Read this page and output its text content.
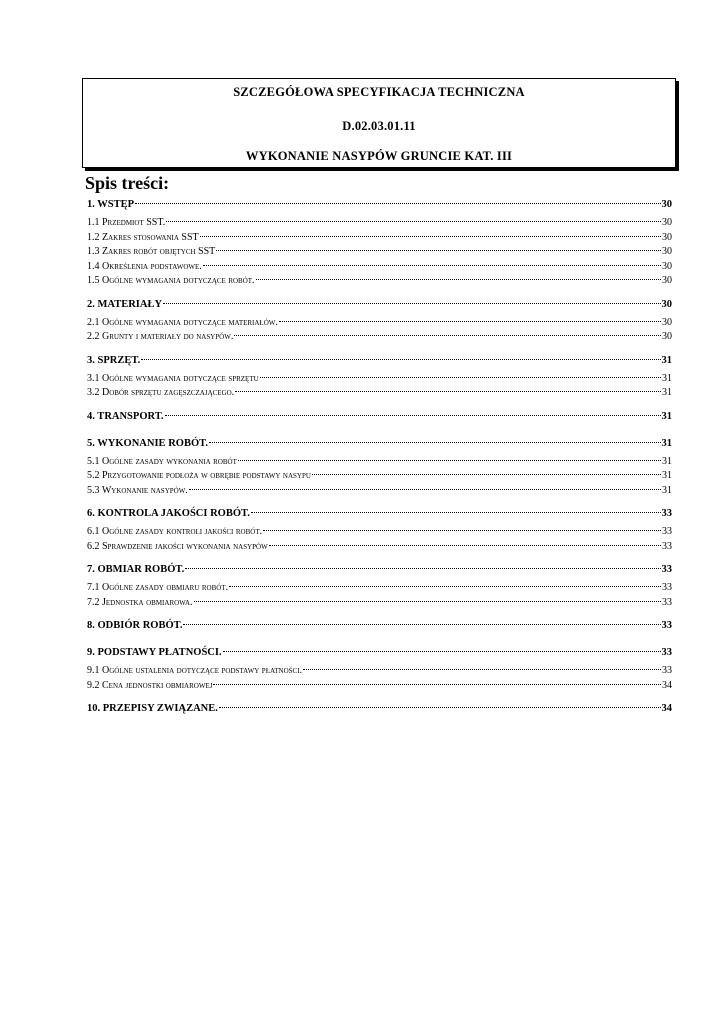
SZCZEGÓŁOWA SPECYFIKACJA TECHNICZNA
D.02.03.01.11
WYKONANIE NASYPÓW GRUNCIE KAT. III
Spis treści:
1. WSTĘP	30
1.1 Przedmiot SST.	30
1.2 Zakres stosowania SST	30
1.3 Zakres robót objętych SST	30
1.4 Określenia podstawowe.	30
1.5 Ogólne wymagania dotyczące robót.	30
2. MATERIAŁY	30
2.1 Ogólne wymagania dotyczące materiałów.	30
2.2 Grunty i materiały do nasypów.	30
3. SPRZĘT.	31
3.1 Ogólne wymagania dotyczące sprzętu	31
3.2 Dobór sprzętu zagęszczającego.	31
4. TRANSPORT.	31
5. WYKONANIE ROBÓT.	31
5.1 Ogólne zasady wykonania robót	31
5.2 Przygotowanie podłoża w obrębie podstawy nasypu	31
5.3 Wykonanie nasypów.	31
6. KONTROLA JAKOŚCI ROBÓT.	33
6.1 Ogólne zasady kontroli jakości robót.	33
6.2 Sprawdzenie jakości wykonania nasypów	33
7. OBMIAR ROBÓT.	33
7.1 Ogólne zasady obmiaru robót.	33
7.2 Jednostka obmiarowa.	33
8. ODBIÓR ROBÓT.	33
9. PODSTAWY PŁATNOŚCI.	33
9.1 Ogólne ustalenia dotyczące podstawy płatności.	33
9.2 Cena jednostki obmiarowej	34
10. PRZEPISY ZWIĄZANE.	34
